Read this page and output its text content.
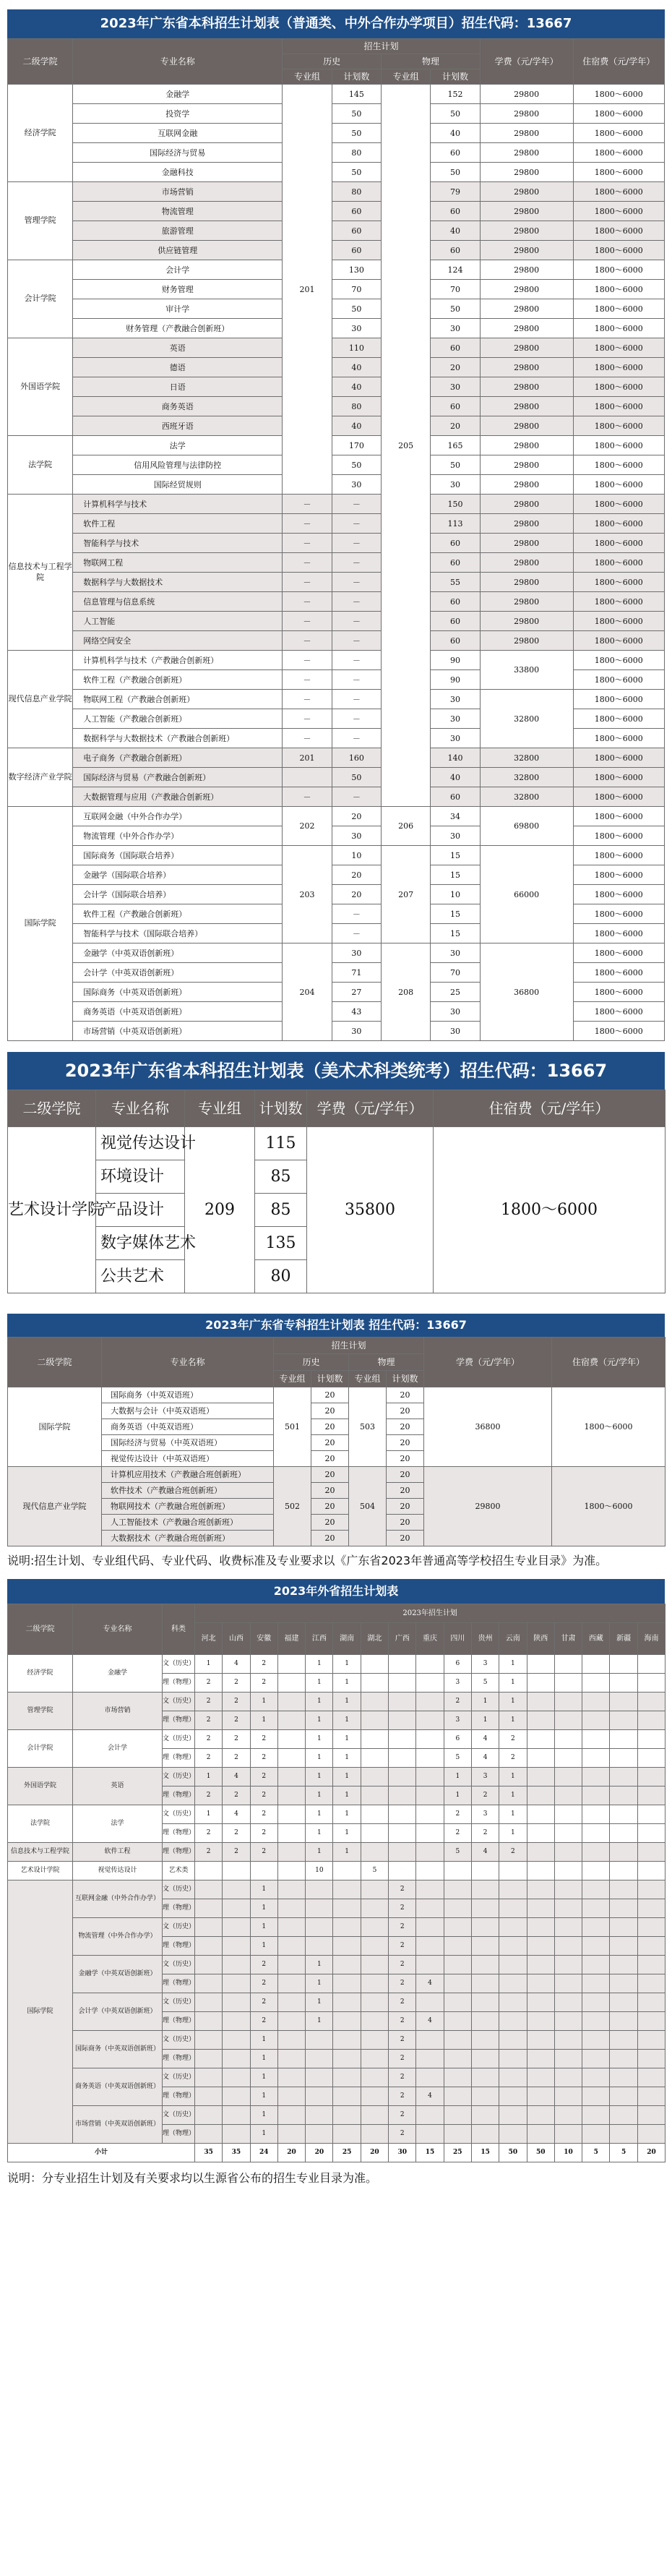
2023年广东省本科招生计划表（普通类、中外合作办学项目）招生代码：13667
二级学院	专业名称	招生计划				学费（元/学年）	住宿费（元/学年）
		历史		物理			
		专业组	计划数	专业组	计划数		
经济学院	金融学	201	145	205	152	29800	1800～6000
	投资学		50		50	29800	1800～6000
	互联网金融		50		40	29800	1800～6000
	国际经济与贸易		80		60	29800	1800～6000
	金融科技		50		50	29800	1800～6000
管理学院	市场营销		80		79	29800	1800～6000
	物流管理		60		60	29800	1800～6000
	旅游管理		60		40	29800	1800～6000
	供应链管理		60		60	29800	1800～6000
会计学院	会计学		130		124	29800	1800～6000
	财务管理		70		70	29800	1800～6000
	审计学		50		50	29800	1800～6000
	财务管理（产教融合创新班）		30		30	29800	1800～6000
外国语学院	英语		110		60	29800	1800～6000
	德语		40		20	29800	1800～6000
	日语		40		30	29800	1800～6000
	商务英语		80		60	29800	1800～6000
	西班牙语		40		20	29800	1800～6000
法学院	法学		170		165	29800	1800～6000
	信用风险管理与法律防控		50		50	29800	1800～6000
	国际经贸规则		30		30	29800	1800～6000
信息技术与工程学院	计算机科学与技术	－	－		150	29800	1800～6000
	软件工程	－	－		113	29800	1800～6000
	智能科学与技术	－	－		60	29800	1800～6000
	物联网工程	－	－		60	29800	1800～6000
	数据科学与大数据技术	－	－		55	29800	1800～6000
	信息管理与信息系统	－	－		60	29800	1800～6000
	人工智能	－	－		60	29800	1800～6000
	网络空间安全	－	－		60	29800	1800～6000
现代信息产业学院	计算机科学与技术（产教融合创新班）	－	－		90	33800	1800～6000
	软件工程（产教融合创新班）	－	－		90		1800～6000
	物联网工程（产教融合创新班）	－	－		30	32800	1800～6000
	人工智能（产教融合创新班）	－	－		30		1800～6000
	数据科学与大数据技术（产教融合创新班）	－	－		30		1800～6000
数字经济产业学院	电子商务（产教融合创新班）	201	160		140	32800	1800～6000
	国际经济与贸易（产教融合创新班）		50		40	32800	1800～6000
	大数据管理与应用（产教融合创新班）	－	－		60	32800	1800～6000
国际学院	互联网金融（中外合作办学）	202	20	206	34	69800	1800～6000
	物流管理（中外合作办学）		30		30		1800～6000
	国际商务（国际联合培养）	203	10	207	15	66000	1800～6000
	金融学（国际联合培养）		20		15		1800～6000
	会计学（国际联合培养）		20		10		1800～6000
	软件工程（产教融合创新班）		－		15		1800～6000
	智能科学与技术（国际联合培养）		－		15		1800～6000
	金融学（中英双语创新班）	204	30	208	30	36800	1800～6000
	会计学（中英双语创新班）		71		70		1800～6000
	国际商务（中英双语创新班）		27		25		1800～6000
	商务英语（中英双语创新班）		43		30		1800～6000
	市场营销（中英双语创新班）		30		30		1800～6000
2023年广东省本科招生计划表（美术术科类统考）招生代码：13667
二级学院	专业名称	专业组	计划数	学费（元/学年）	住宿费（元/学年）
艺术设计学院	视觉传达设计	209	115	35800	1800～6000
	环境设计		85		
	产品设计		85		
	数字媒体艺术		135		
	公共艺术		80		
2023年广东省专科招生计划表 招生代码：13667
二级学院	专业名称	招生计划				学费（元/学年）	住宿费（元/学年）
		历史		物理			
		专业组	计划数	专业组	计划数		
国际学院	国际商务（中英双语班）	501	20	503	20	36800	1800～6000
	大数据与会计（中英双语班）		20		20		
	商务英语（中英双语班）		20		20		
	国际经济与贸易（中英双语班）		20		20		
	视觉传达设计（中英双语班）		20		20		
现代信息产业学院	计算机应用技术（产教融合班创新班）	502	20	504	20	29800	1800～6000
	软件技术（产教融合班创新班）		20		20		
	物联网技术（产教融合班创新班）		20		20		
	人工智能技术（产教融合班创新班）		20		20		
	大数据技术（产教融合班创新班）		20		20		
说明:招生计划、专业组代码、专业代码、收费标准及专业要求以《广东省2023年普通高等学校招生专业目录》为准。
2023年外省招生计划表
二级学院	专业名称	科类	2023年招生计划																
			河北	山西	安徽	福建	江西	湖南	湖北	广西	重庆	四川	贵州	云南	陕西	甘肃	西藏	新疆	海南
经济学院	金融学	文（历史）	1	4	2		1	1				6	3	1					
		理（物理）	2	2	2		1	1				3	5	1					
管理学院	市场营销	文（历史）	2	2	1		1	1				2	1	1					
		理（物理）	2	2	1		1	1				3	1	1					
会计学院	会计学	文（历史）	2	2	2		1	1				6	4	2					
		理（物理）	2	2	2		1	1				5	4	2					
外国语学院	英语	文（历史）	1	4	2		1	1				1	3	1					
		理（物理）	2	2	2		1	1				1	2	1					
法学院	法学	文（历史）	1	4	2		1	1				2	3	1					
		理（物理）	2	2	2		1	1				2	2	1					
信息技术与工程学院	软件工程	理（物理）	2	2	2		1	1				5	4	2					
艺术设计学院	视觉传达设计	艺术类					10		5										
国际学院	互联网金融（中外合作办学）	文（历史）			1					2									
		理（物理）			1					2									
	物流管理（中外合作办学）	文（历史）			1					2									
		理（物理）			1					2									
	金融学（中英双语创新班）	文（历史）			2		1			2									
		理（物理）			2		1			2	4								
	会计学（中英双语创新班）	文（历史）			2		1			2									
		理（物理）			2		1			2	4								
	国际商务（中英双语创新班）	文（历史）			1					2									
		理（物理）			1					2									
	商务英语（中英双语创新班）	文（历史）			1					2									
		理（物理）			1					2	4								
	市场营销（中英双语创新班）	文（历史）			1					2									
		理（物理）			1					2									
小计			35	35	24	20	20	25	20	30	15	25	15	50	50	10	5	5	20
说明：分专业招生计划及有关要求均以生源省公布的招生专业目录为准。
